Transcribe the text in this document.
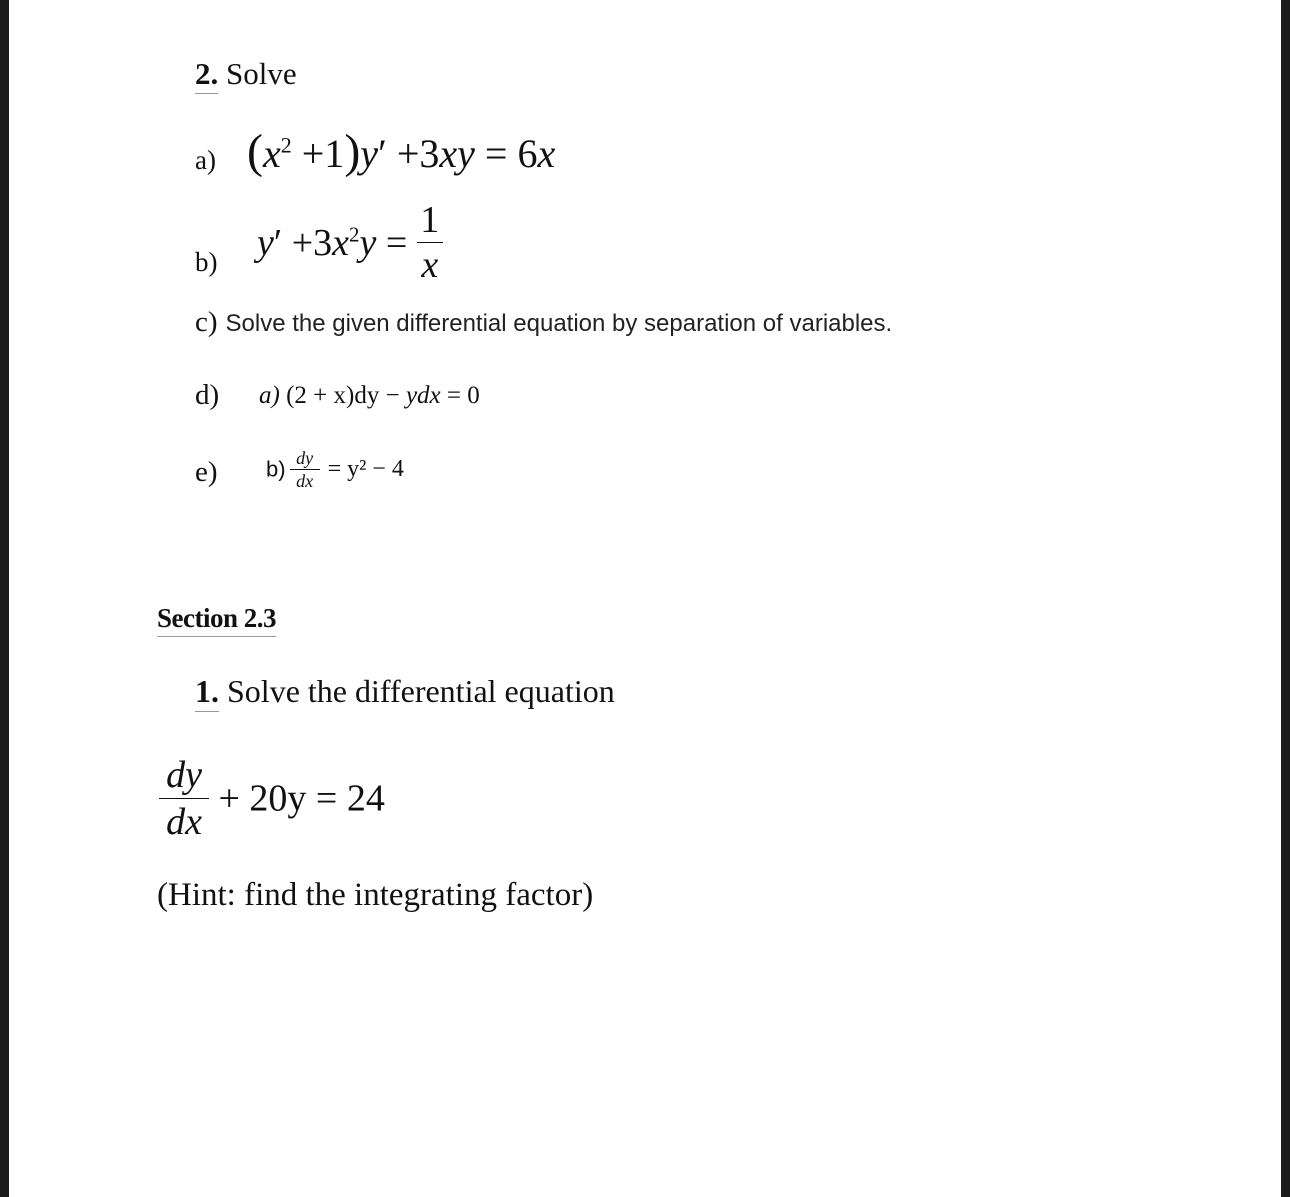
2. Solve
a) $(x^2 +1)y' +3xy = 6x$
b) $y' +3x^2y = \frac{1}{x}$
c) Solve the given differential equation by separation of variables.
d) a) (2 + x)dy − ydx = 0
e) $b) \frac{dy}{dx} = y^2 - 4$
Section 2.3
1. Solve the differential equation
$\frac{dy}{dx} + 20y = 24$
(Hint: find the integrating factor)
